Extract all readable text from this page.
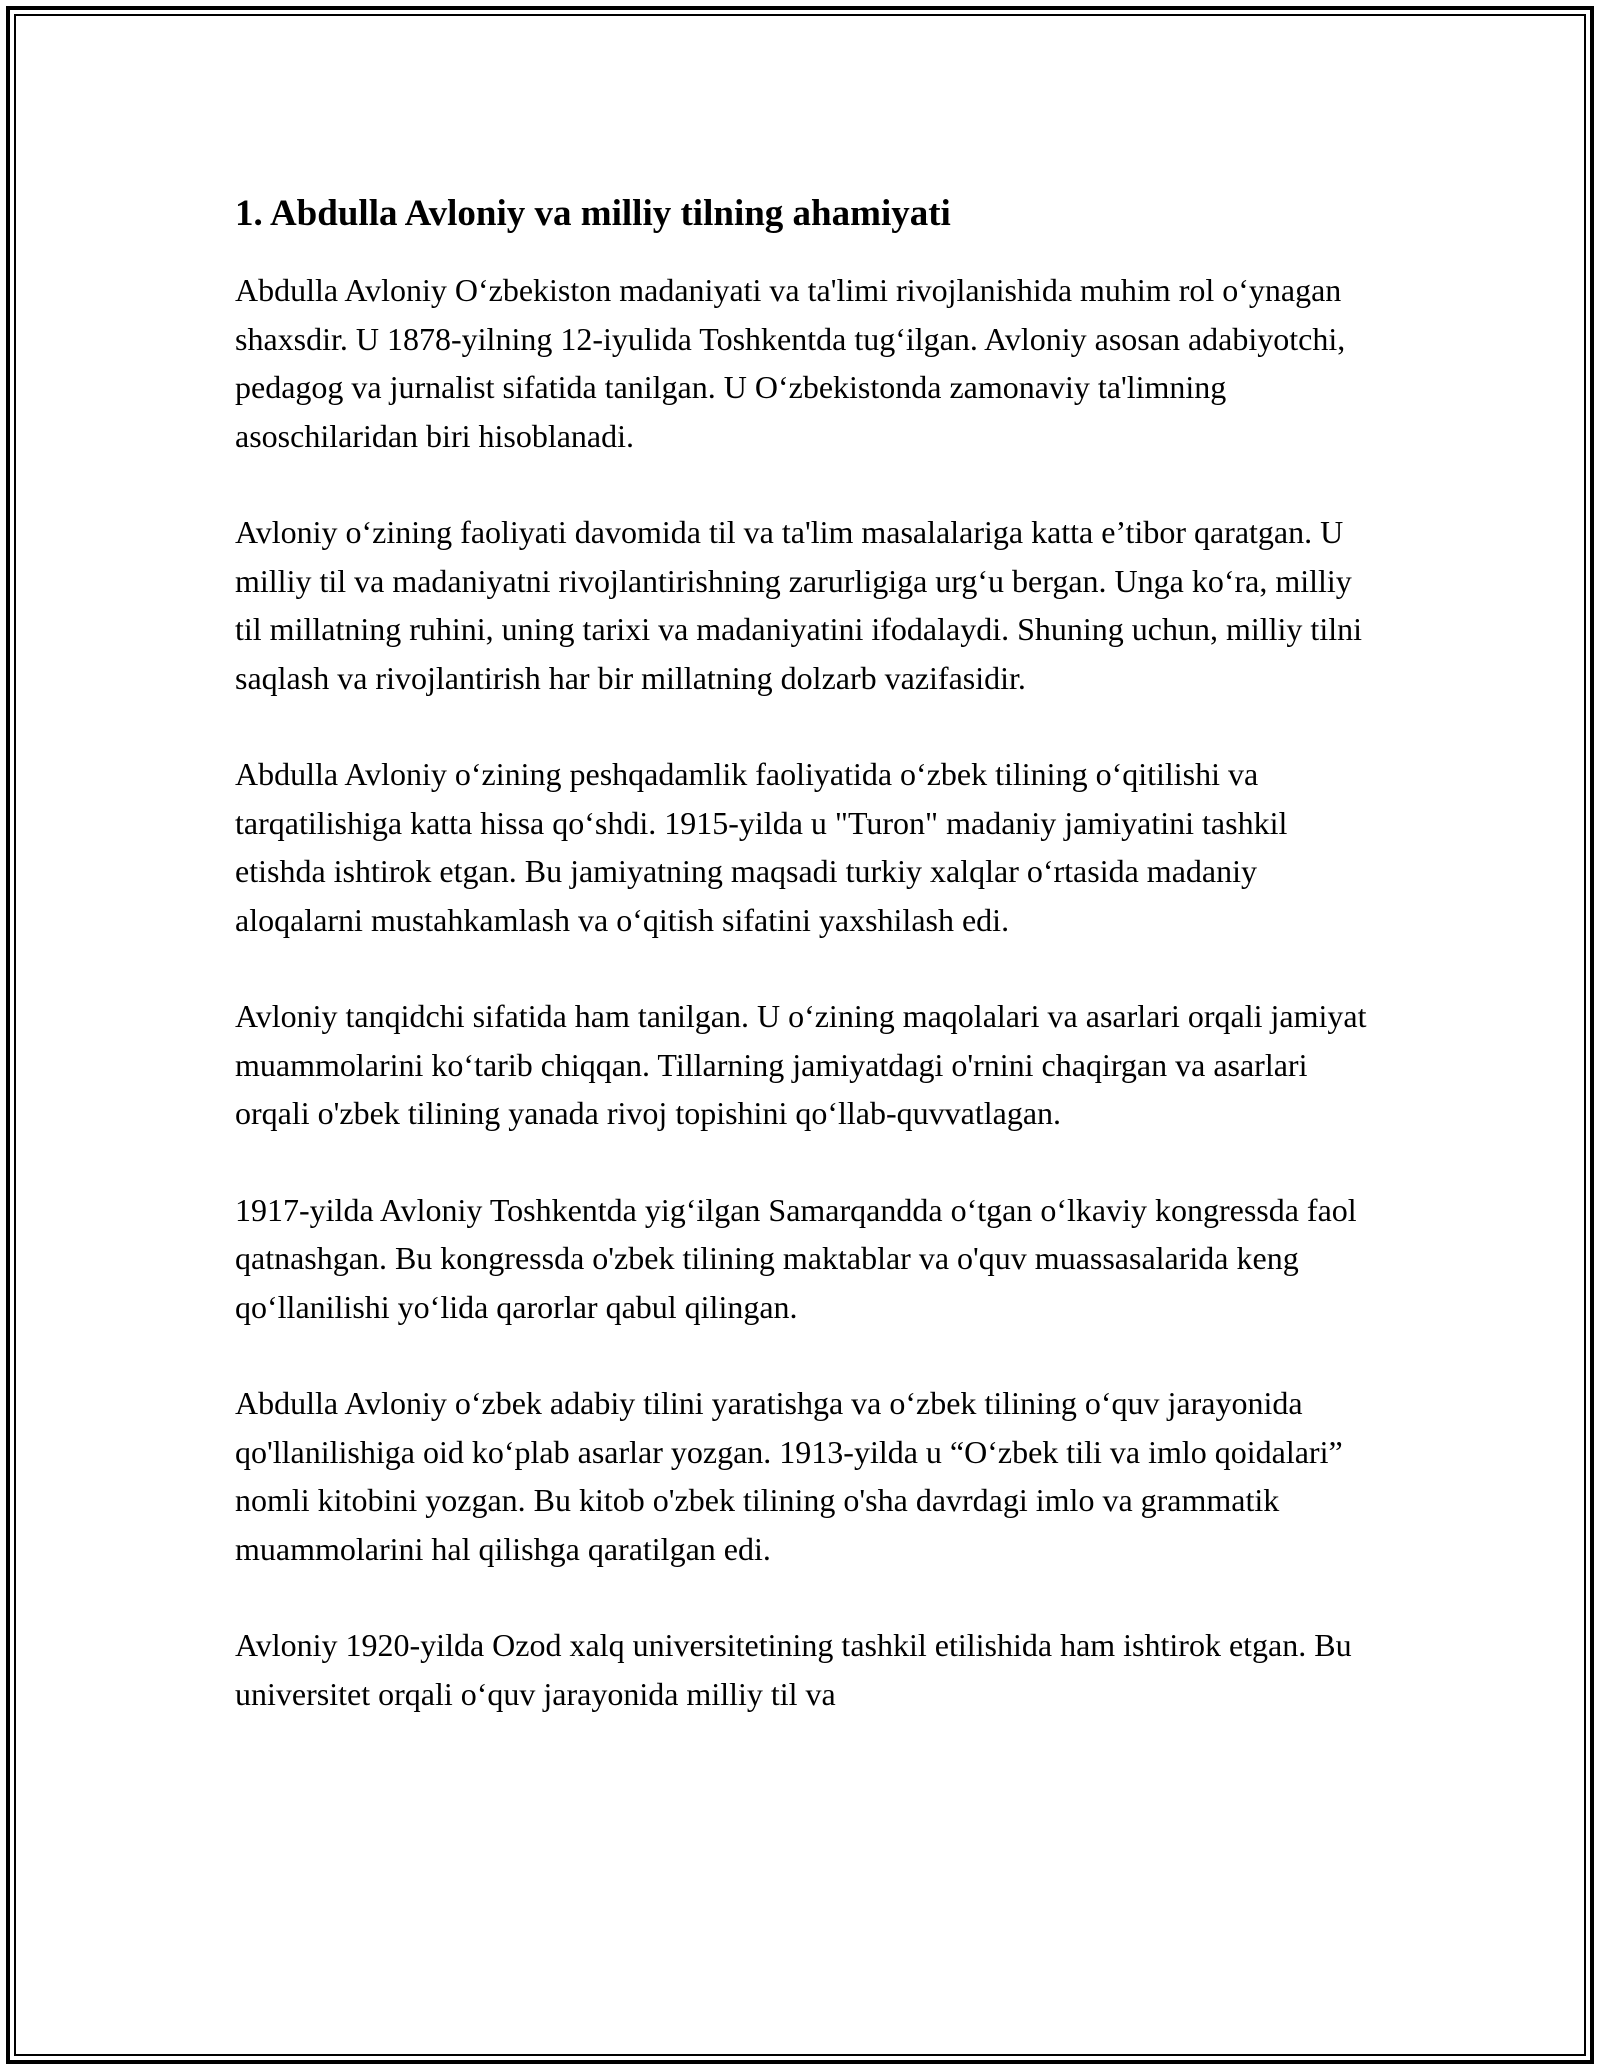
1. Abdulla Avloniy va milliy tilning ahamiyati

Abdulla Avloniy O‘zbekiston madaniyati va ta'limi rivojlanishida muhim rol o‘ynagan shaxsdir. U 1878-yilning 12-iyulida Toshkentda tug‘ilgan. Avloniy asosan adabiyotchi, pedagog va jurnalist sifatida tanilgan. U O‘zbekistonda zamonaviy ta'limning asoschilaridan biri hisoblanadi.

Avloniy o‘zining faoliyati davomida til va ta'lim masalalariga katta e’tibor qaratgan. U milliy til va madaniyatni rivojlantirishning zarurligiga urg‘u bergan. Unga ko‘ra, milliy til millatning ruhini, uning tarixi va madaniyatini ifodalaydi. Shuning uchun, milliy tilni saqlash va rivojlantirish har bir millatning dolzarb vazifasidir.

Abdulla Avloniy o‘zining peshqadamlik faoliyatida o‘zbek tilining o‘qitilishi va tarqatilishiga katta hissa qo‘shdi. 1915-yilda u "Turon" madaniy jamiyatini tashkil etishda ishtirok etgan. Bu jamiyatning maqsadi turkiy xalqlar o‘rtasida madaniy aloqalarni mustahkamlash va o‘qitish sifatini yaxshilash edi.

Avloniy tanqidchi sifatida ham tanilgan. U o‘zining maqolalari va asarlari orqali jamiyat muammolarini ko‘tarib chiqqan. Tillarning jamiyatdagi o'rnini chaqirgan va asarlari orqali o'zbek tilining yanada rivoj topishini qo‘llab-quvvatlagan.

1917-yilda Avloniy Toshkentda yig‘ilgan Samarqandda o‘tgan o‘lkaviy kongressda faol qatnashgan. Bu kongressda o'zbek tilining maktablar va o'quv muassasalarida keng qo‘llanilishi yo‘lida qarorlar qabul qilingan.

Abdulla Avloniy o‘zbek adabiy tilini yaratishga va o‘zbek tilining o‘quv jarayonida qo'llanilishiga oid ko‘plab asarlar yozgan. 1913-yilda u “O‘zbek tili va imlo qoidalari” nomli kitobini yozgan. Bu kitob o'zbek tilining o'sha davrdagi imlo va grammatik muammolarini hal qilishga qaratilgan edi.

Avloniy 1920-yilda Ozod xalq universitetining tashkil etilishida ham ishtirok etgan. Bu universitet orqali o‘quv jarayonida milliy til va
